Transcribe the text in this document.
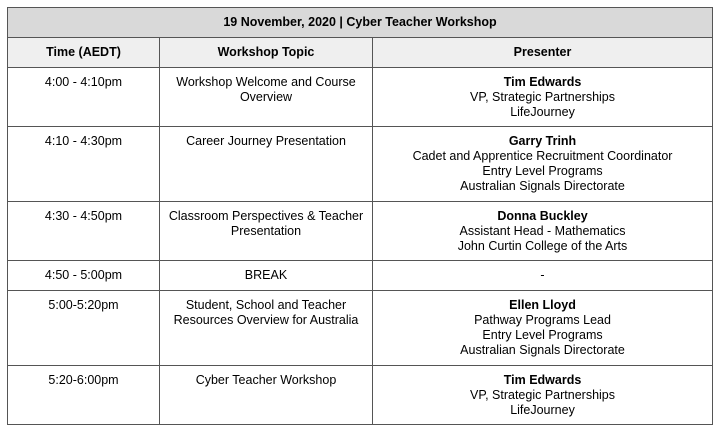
19 November, 2020 | Cyber Teacher Workshop		
Time (AEDT)	Workshop Topic	Presenter

4:00 - 4:10pm	Workshop Welcome and Course Overview	Tim Edwards
VP, Strategic Partnerships
LifeJourney

4:10 - 4:30pm	Career Journey Presentation	Garry Trinh
Cadet and Apprentice Recruitment Coordinator
Entry Level Programs
Australian Signals Directorate

4:30 - 4:50pm	Classroom Perspectives & Teacher Presentation	Donna Buckley
Assistant Head - Mathematics
John Curtin College of the Arts

4:50 - 5:00pm	BREAK	-

5:00-5:20pm	Student, School and Teacher Resources Overview for Australia	Ellen Lloyd
Pathway Programs Lead
Entry Level Programs
Australian Signals Directorate

5:20-6:00pm	Cyber Teacher Workshop	Tim Edwards
VP, Strategic Partnerships
LifeJourney
